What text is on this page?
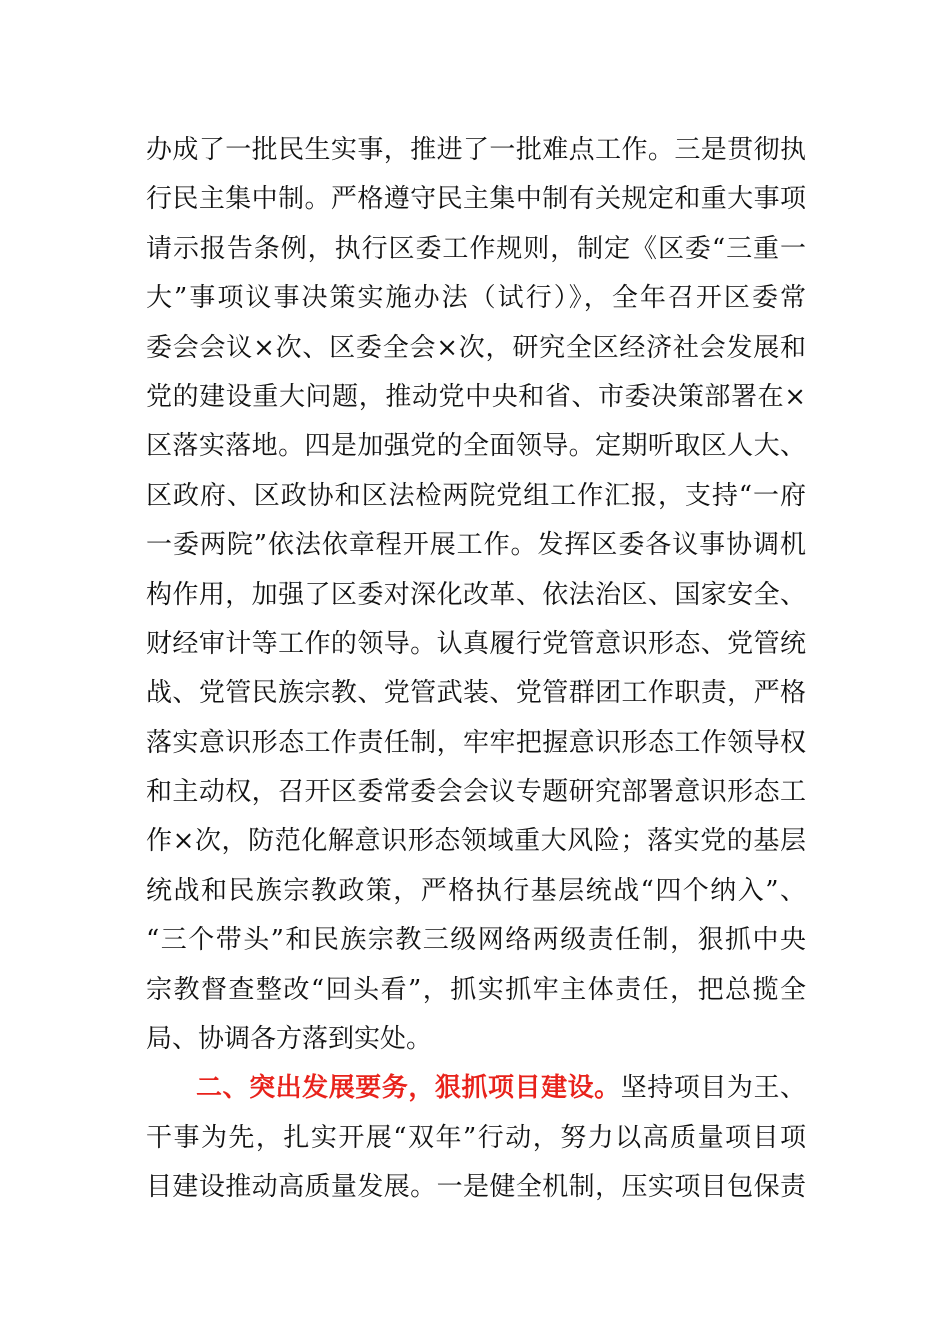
办成了一批民生实事，推进了一批难点工作。三是贯彻执
行民主集中制。严格遵守民主集中制有关规定和重大事项
请示报告条例，执行区委工作规则，制定《区委“三重一
大”事项议事决策实施办法（试行）》，全年召开区委常
委会会议×次、区委全会×次，研究全区经济社会发展和
党的建设重大问题，推动党中央和省、市委决策部署在×
区落实落地。四是加强党的全面领导。定期听取区人大、
区政府、区政协和区法检两院党组工作汇报，支持“一府
一委两院”依法依章程开展工作。发挥区委各议事协调机
构作用，加强了区委对深化改革、依法治区、国家安全、
财经审计等工作的领导。认真履行党管意识形态、党管统
战、党管民族宗教、党管武装、党管群团工作职责，严格
落实意识形态工作责任制，牢牢把握意识形态工作领导权
和主动权，召开区委常委会会议专题研究部署意识形态工
作×次，防范化解意识形态领域重大风险；落实党的基层
统战和民族宗教政策，严格执行基层统战“四个纳入”、
“三个带头”和民族宗教三级网络两级责任制，狠抓中央
宗教督查整改“回头看”，抓实抓牢主体责任，把总揽全
局、协调各方落到实处。
二、突出发展要务，狠抓项目建设。坚持项目为王、
干事为先，扎实开展“双年”行动，努力以高质量项目项
目建设推动高质量发展。一是健全机制，压实项目包保责
